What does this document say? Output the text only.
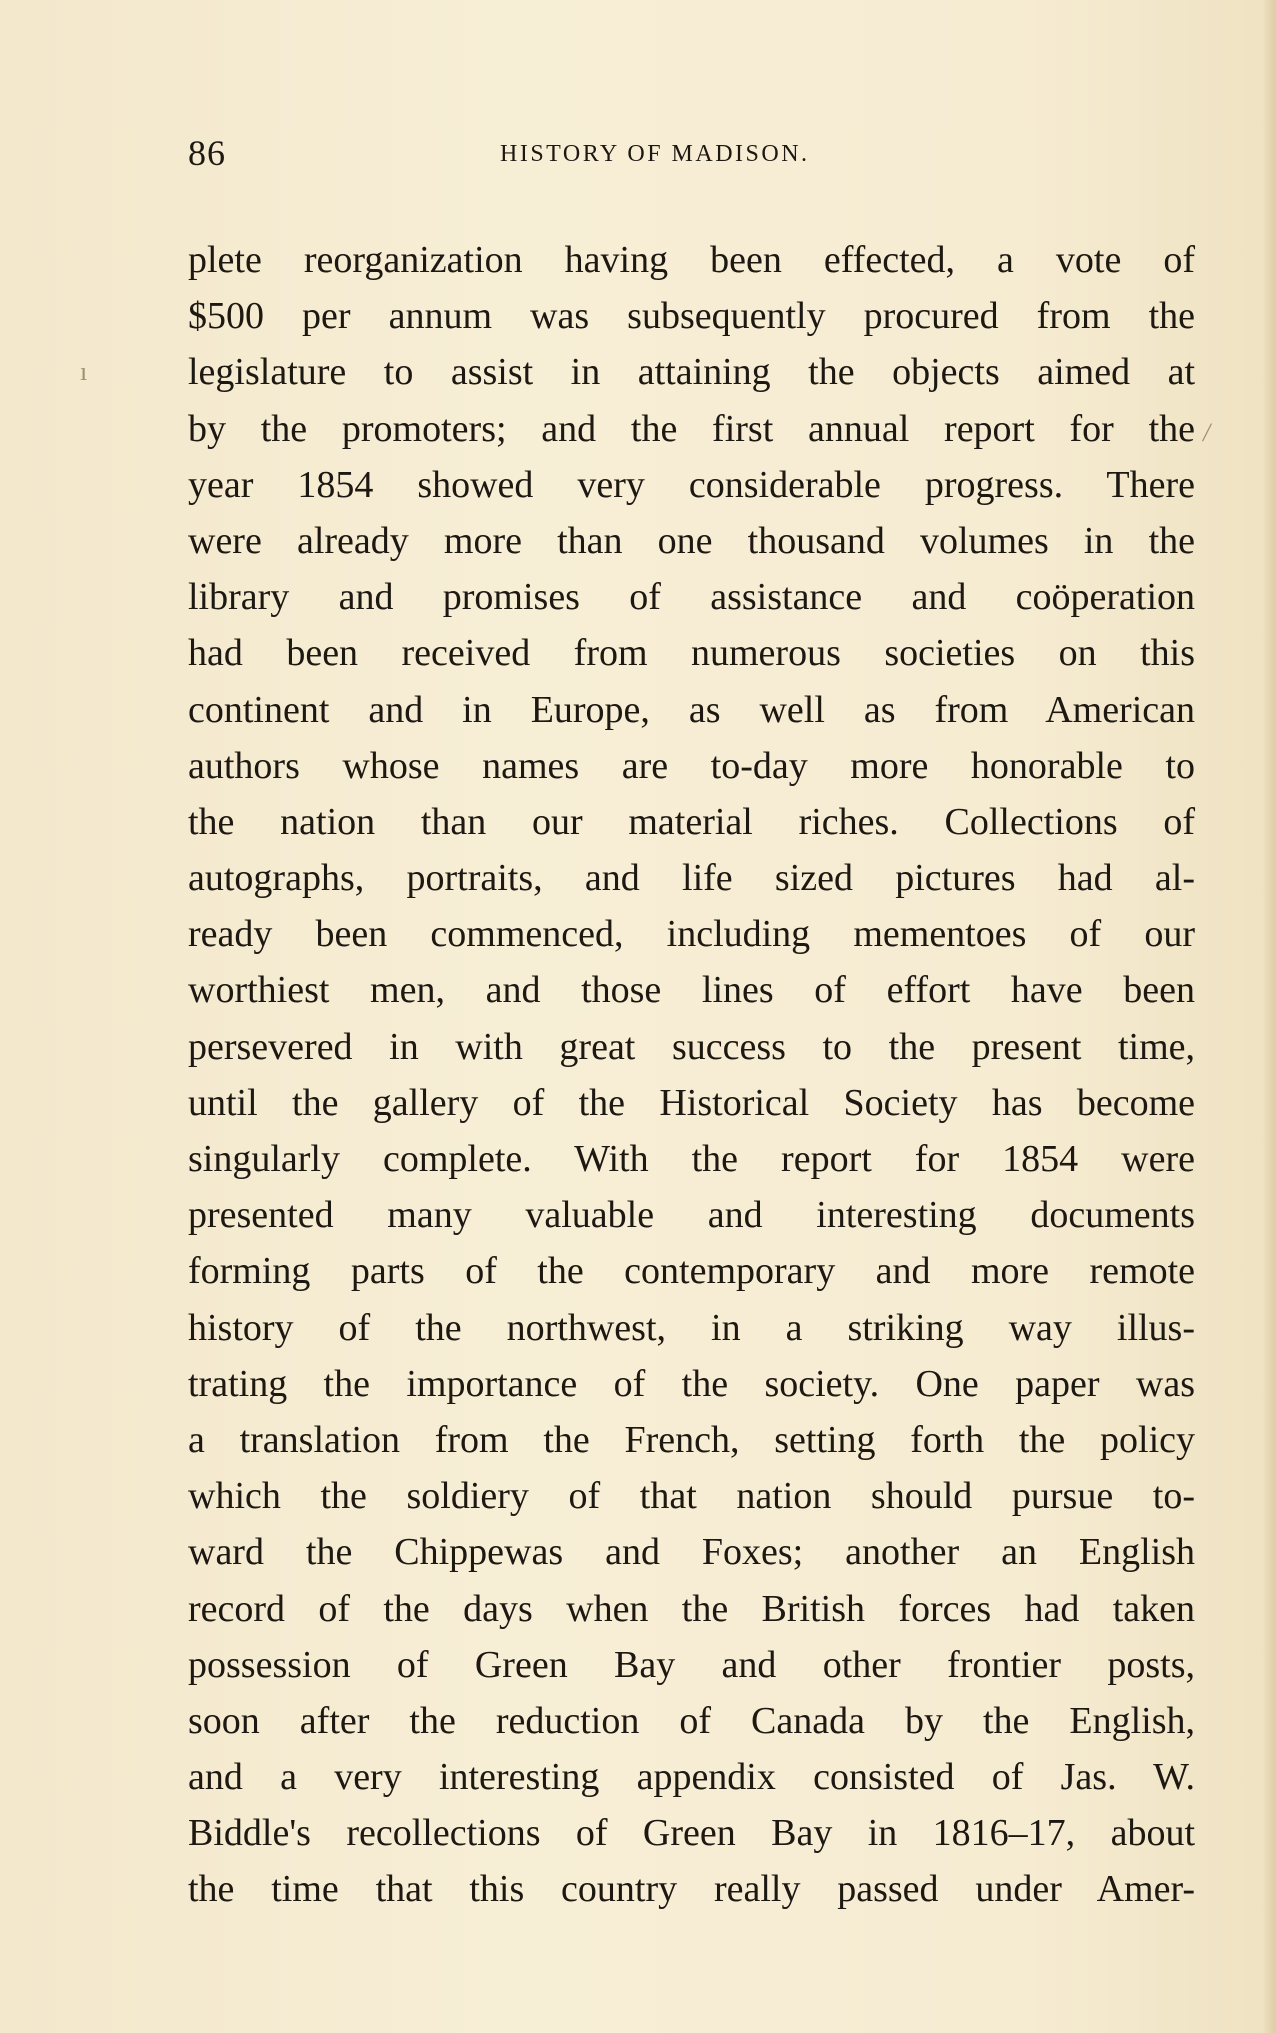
86	HISTORY OF MADISON.
ı
/
plete reorganization having been effected, a vote of
$500 per annum was subsequently procured from the
legislature to assist in attaining the objects aimed at
by the promoters; and the first annual report for the
year 1854 showed very considerable progress. There
were already more than one thousand volumes in the
library and promises of assistance and coöperation
had been received from numerous societies on this
continent and in Europe, as well as from American
authors whose names are to-day more honorable to
the nation than our material riches. Collections of
autographs, portraits, and life sized pictures had al-
ready been commenced, including mementoes of our
worthiest men, and those lines of effort have been
persevered in with great success to the present time,
until the gallery of the Historical Society has become
singularly complete. With the report for 1854 were
presented many valuable and interesting documents
forming parts of the contemporary and more remote
history of the northwest, in a striking way illus-
trating the importance of the society. One paper was
a translation from the French, setting forth the policy
which the soldiery of that nation should pursue to-
ward the Chippewas and Foxes; another an English
record of the days when the British forces had taken
possession of Green Bay and other frontier posts,
soon after the reduction of Canada by the English,
and a very interesting appendix consisted of Jas. W.
Biddle's recollections of Green Bay in 1816–17, about
the time that this country really passed under Amer-
